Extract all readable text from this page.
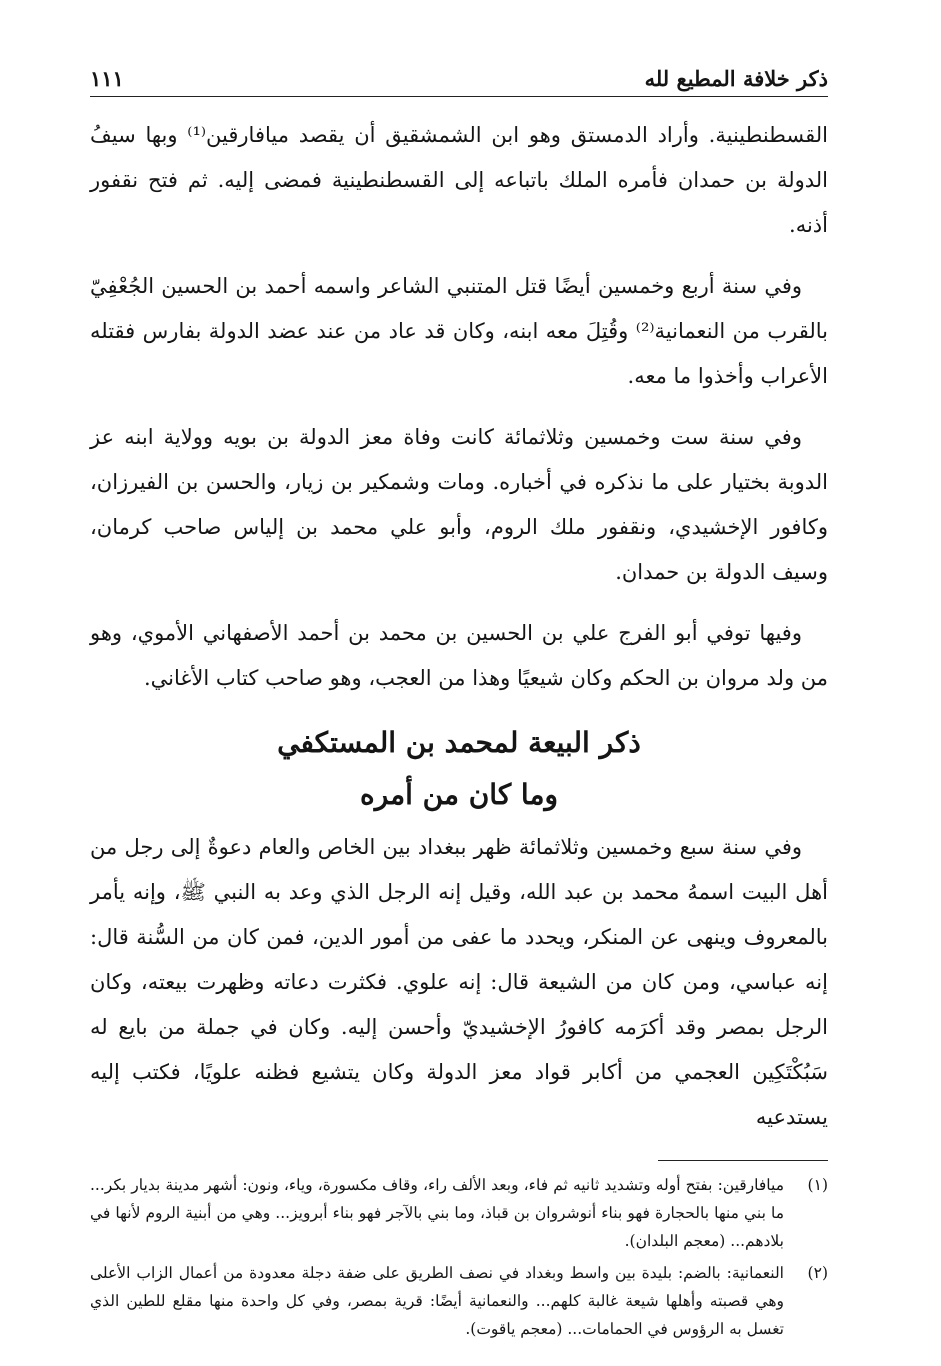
ذكر خلافة المطيع لله
١١١

القسطنطينية. وأراد الدمستق وهو ابن الشمشقيق أن يقصد ميافارقين⁽¹⁾ وبها سيفُ الدولة بن حمدان فأمره الملك باتباعه إلى القسطنطينية فمضى إليه. ثم فتح نقفور أذنه.

وفي سنة أربع وخمسين أيضًا قتل المتنبي الشاعر واسمه أحمد بن الحسين الجُعْفِيّ بالقرب من النعمانية⁽²⁾ وقُتِلَ معه ابنه، وكان قد عاد من عند عضد الدولة بفارس فقتله الأعراب وأخذوا ما معه.

وفي سنة ست وخمسين وثلاثمائة كانت وفاة معز الدولة بن بويه وولاية ابنه عز الدوبة بختيار على ما نذكره في أخباره. ومات وشمكير بن زيار، والحسن بن الفيرزان، وكافور الإخشيدي، ونقفور ملك الروم، وأبو علي محمد بن إلياس صاحب كرمان، وسيف الدولة بن حمدان.

وفيها توفي أبو الفرج علي بن الحسين بن محمد بن أحمد الأصفهاني الأموي، وهو من ولد مروان بن الحكم وكان شيعيًا وهذا من العجب، وهو صاحب كتاب الأغاني.

ذكر البيعة لمحمد بن المستكفي
وما كان من أمره

وفي سنة سبع وخمسين وثلاثمائة ظهر ببغداد بين الخاص والعام دعوةٌ إلى رجل من أهل البيت اسمهُ محمد بن عبد الله، وقيل إنه الرجل الذي وعد به النبي ﷺ، وإنه يأمر بالمعروف وينهى عن المنكر، ويحدد ما عفى من أمور الدين، فمن كان من السُّنة قال: إنه عباسي، ومن كان من الشيعة قال: إنه علوي. فكثرت دعاته وظهرت بيعته، وكان الرجل بمصر وقد أكرَمه كافورُ الإخشيديّ وأحسن إليه. وكان في جملة من بايع له سَبُكْتَكِين العجمي من أكابر قواد معز الدولة وكان يتشيع فظنه علويًا، فكتب إليه يستدعيه

(١)
ميافارقين: بفتح أوله وتشديد ثانيه ثم فاء، وبعد الألف راء، وقاف مكسورة، وياء، ونون: أشهر مدينة بديار بكر... ما بني منها بالحجارة فهو بناء أنوشروان بن قباذ، وما بني بالآجر فهو بناء أبرويز... وهي من أبنية الروم لأنها في بلادهم... (معجم البلدان).
(٢)
النعمانية: بالضم: بليدة بين واسط وبغداد في نصف الطريق على ضفة دجلة معدودة من أعمال الزاب الأعلى وهي قصبته وأهلها شيعة غالبة كلهم... والنعمانية أيضًا: قرية بمصر، وفي كل واحدة منها مقلع للطين الذي تغسل به الرؤوس في الحمامات... (معجم ياقوت).
